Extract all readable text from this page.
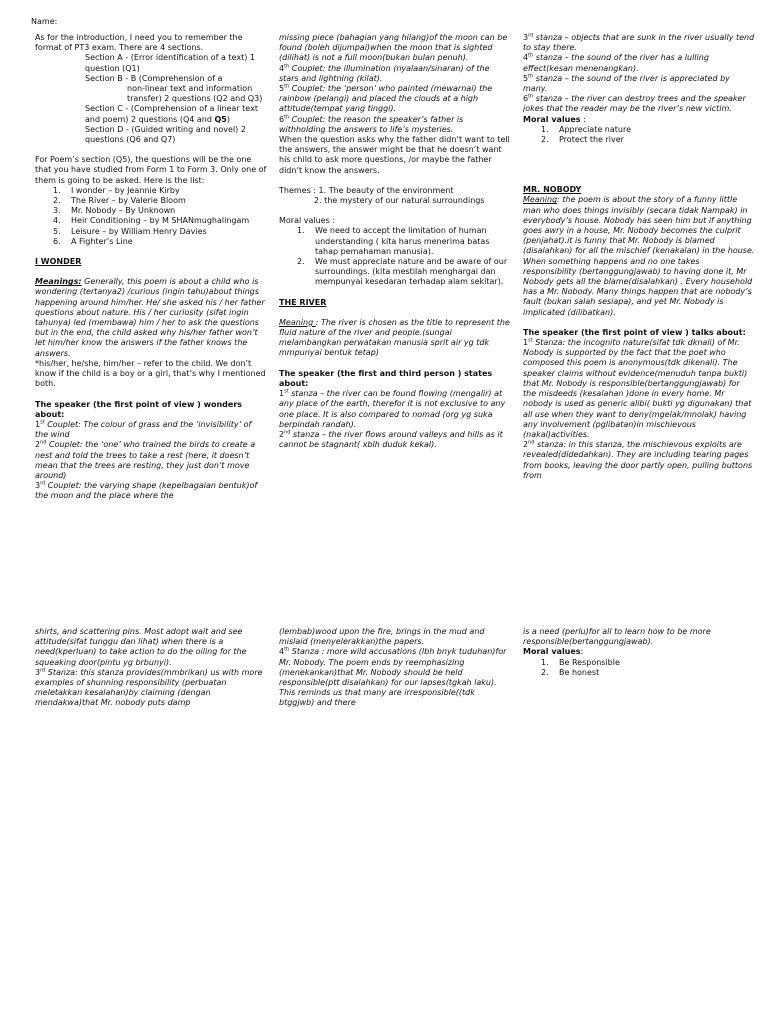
Name:

As for the introduction, I need you to remember the format of PT3 exam. There are 4 sections.

Section A - (Error identification of a text) 1 question (Q1)

Section B - B (Comprehension of a

non-linear text and information transfer) 2 questions (Q2 and Q3)

Section C - (Comprehension of a linear text and poem) 2 questions (Q4 and Q5)

Section D - (Guided writing and novel) 2 questions (Q6 and Q7)

For Poem’s section (Q5), the questions will be the one that you have studied from Form 1 to Form 3. Only one of them is going to be asked. Here is the list:

1. I wonder – by Jeannie Kirby
2. The River – by Valerie Bloom
3. Mr. Nobody – By Unknown
4. Heir Conditioning – by M SHANmughalingam
5. Leisure – by William Henry Davies
6. A Fighter’s Line

I WONDER

Meanings: Generally, this poem is about a child who is wondering (tertanya2) /curious (ingin tahu)about things happening around him/her. He/ she asked his / her father questions about nature. His / her curiosity (sifat ingin tahunya) led (membawa) him / her to ask the questions but in the end, the child asked why his/her father won’t let him/her know the answers if the father knows the answers.

*his/her, he/she, him/her – refer to the child. We don’t know if the child is a boy or a girl, that’s why I mentioned both.

The speaker (the first point of view ) wonders about:

1st Couplet: The colour of grass and the ‘invisibility’ of the wind

2nd Couplet: the ‘one’ who trained the birds to create a nest and told the trees to take a rest (here, it doesn’t mean that the trees are resting, they just don’t move around)

3rd Couplet: the varying shape (kepelbagaian bentuk)of the moon and the place where the

missing piece (bahagian yang hilang)of the moon can be found (boleh dijumpai)when the moon that is sighted (dilihat) is not a full moon(bukan bulan penuh).

4th Couplet: the illumination (nyalaan/sinaran) of the stars and lightning (kilat).

5th Couplet: the ‘person’ who painted (mewarnai) the rainbow (pelangi) and placed the clouds at a high attitude(tempat yang tinggi).

6th Couplet: the reason the speaker’s father is withholding the answers to life’s mysteries.

When the question asks why the father didn’t want to tell the answers, the answer might be that he doesn’t want his child to ask more questions, /or maybe the father didn’t know the answers.

Themes : 1. The beauty of the environment

2. the mystery of our natural surroundings

Moral values :

1. We need to accept the limitation of human understanding ( kita harus menerima batas tahap pemahaman manusia).
2. We must appreciate nature and be aware of our surroundings. (kita mestilah menghargai dan mempunyai kesedaran terhadap alam sekitar).

THE RIVER

Meaning : The river is chosen as the title to represent the fluid nature of the river and people.(sungai melambangkan perwatakan manusia sprit air yg tdk mmpunyai bentuk tetap)

The speaker (the first and third person ) states about:

1st stanza – the river can be found flowing (mengalir) at any place of the earth, therefor it is not exclusive to any one place. It is also compared to nomad (org yg suka berpindah randah).

2nd stanza – the river flows around valleys and hills as it cannot be stagnant( xblh duduk kekal).

3rd stanza – objects that are sunk in the river usually tend to stay there.

4th stanza – the sound of the river has a lulling effect(kesan menenangkan).

5th stanza – the sound of the river is appreciated by many.

6th stanza – the river can destroy trees and the speaker jokes that the reader may be the river’s new victim.

Moral values :

1. Appreciate nature
2. Protect the river

MR. NOBODY

Meaning: the poem is about the story of a funny little man who does things invisibly (secara tidak Nampak) in everybody’s house. Nobody has seen him but if anything goes awry in a house, Mr. Nobody becomes the culprit (penjahat).it is funny that Mr. Nobody is blamed (disalahkan) for all the mischief (kenakalan) in the house. When something happens and no one takes responsibility (bertanggungjawab) to having done it, Mr Nobody gets all the blame(disalahkan) . Every household has a Mr. Nobody. Many things happen that are nobody’s fault (bukan salah sesiapa), and yet Mr. Nobody is implicated (dilibatkan).

The speaker (the first point of view ) talks about:

1st Stanza: the incognito nature(sifat tdk dknali) of Mr. Nobody is supported by the fact that the poet who composed this poem is anonymous(tdk dikenali). The speaker claims without evidence(menuduh tanpa bukti) that Mr. Nobody is responsible(bertanggungjawab) for the misdeeds (kesalahan )done in every home. Mr nobody is used as generic alibi( bukti yg digunakan) that all use when they want to deny(mgelak/mnolak) having any involvement (pglibatan)in mischievous (nakal)activities.

2nd stanza: in this stanza, the mischievous exploits are revealed(didedahkan). They are including tearing pages from books, leaving the door partly open, pulling buttons from

shirts, and scattering pins. Most adopt wait and see attitude(sifat tunggu dan lihat) when there is a need(kperluan) to take action to do the oiling for the squeaking door(pintu yg brbunyi).

3rd Stanza: this stanza provides(mmbrikan) us with more examples of shunning responsibility (perbuatan meletakkan kesalahan)by claiming (dengan mendakwa)that Mr. nobody puts damp

(lembab)wood upon the fire, brings in the mud and mislaid (menyelerakkan)the papers.

4th Stanza : more wild accusations (lbh bnyk tuduhan)for Mr. Nobody. The poem ends by reemphasizing (menekankan)that Mr. Nobody should be held responsible(ptt disalahkan) for our lapses(tgkah laku). This reminds us that many are irresponsible((tdk btggjwb) and there

is a need (perlu)for all to learn how to be more responsible(bertanggungjawab).

Moral values:

1. Be Responsible
2. Be honest
